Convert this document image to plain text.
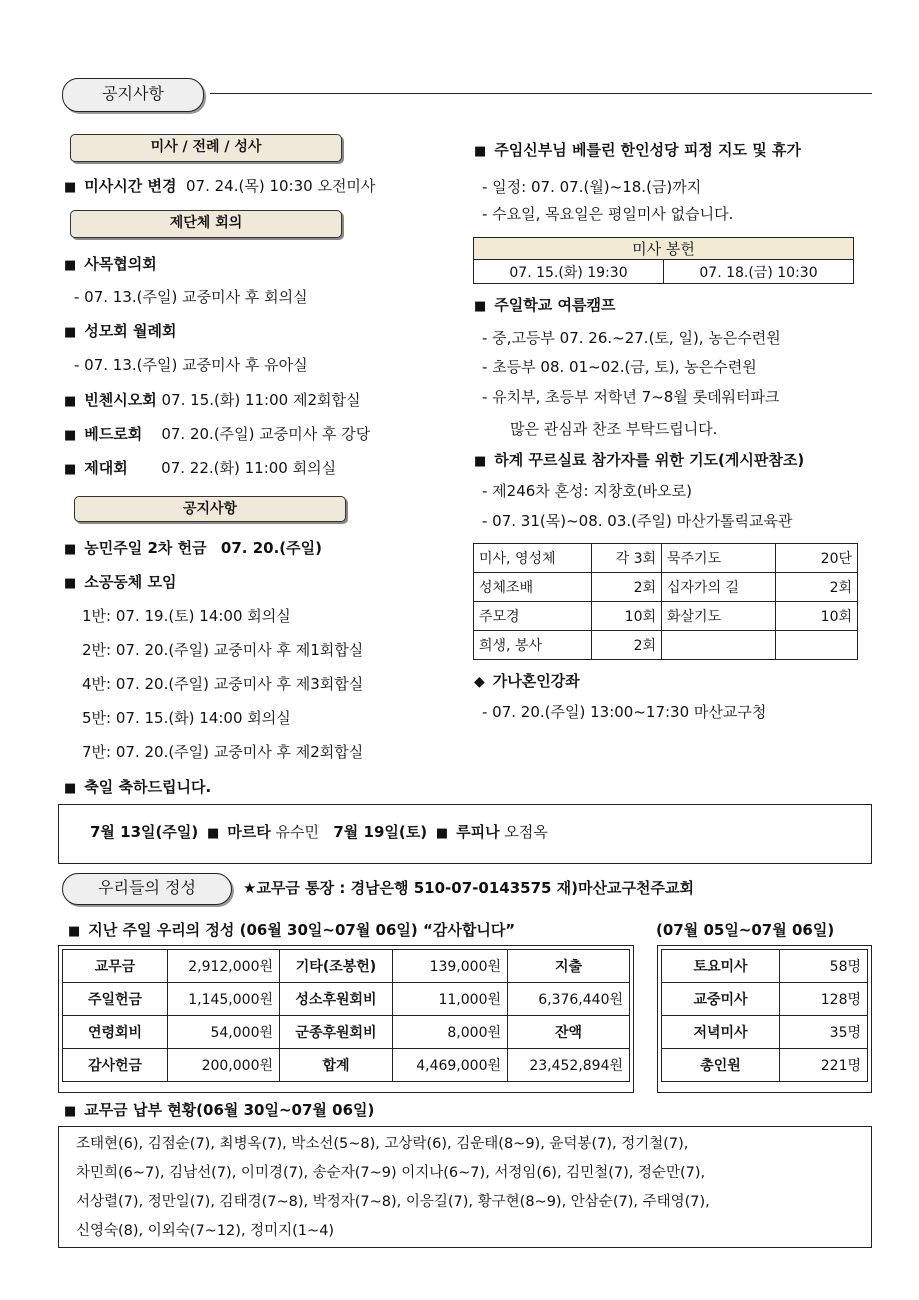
공지사항
미사 / 전례 / 성사
■ 미사시간 변경 07. 24.(목) 10:30 오전미사
제단체 회의
■ 사목협의회
- 07. 13.(주일) 교중미사 후 회의실
■ 성모회 월례회
- 07. 13.(주일) 교중미사 후 유아실
■ 빈첸시오회 07. 15.(화) 11:00 제2회합실
■ 베드로회 07. 20.(주일) 교중미사 후 강당
■ 제대회 07. 22.(화) 11:00 회의실
공지사항
■ 농민주일 2차 헌금 07. 20.(주일)
■ 소공동체 모임
1반: 07. 19.(토) 14:00 회의실
2반: 07. 20.(주일) 교중미사 후 제1회합실
4반: 07. 20.(주일) 교중미사 후 제3회합실
5반: 07. 15.(화) 14:00 회의실
7반: 07. 20.(주일) 교중미사 후 제2회합실
■ 축일 축하드립니다.
■ 주임신부님 베를린 한인성당 피정 지도 및 휴가
- 일정: 07. 07.(월)~18.(금)까지
- 수요일, 목요일은 평일미사 없습니다.
미사 봉헌
07. 15.(화) 19:30	07. 18.(금) 10:30
■ 주일학교 여름캠프
- 중,고등부 07. 26.~27.(토, 일), 농은수련원
- 초등부 08. 01~02.(금, 토), 농은수련원
- 유치부, 초등부 저학년 7~8월 롯데워터파크
많은 관심과 찬조 부탁드립니다.
■ 하계 꾸르실료 참가자를 위한 기도(게시판참조)
- 제246차 혼성: 지창호(바오로)
- 07. 31(목)~08. 03.(주일) 마산가톨릭교육관
미사, 영성체	각 3회	묵주기도	20단
성체조배	2회	십자가의 길	2회
주모경	10회	화살기도	10회
희생, 봉사	2회		
◆ 가나혼인강좌
- 07. 20.(주일) 13:00~17:30 마산교구청
7월 13일(주일) ■ 마르타 유수민 7월 19일(토) ■ 루피나 오점옥
우리들의 정성	★교무금 통장 : 경남은행 510-07-0143575 재)마산교구천주교회
■ 지난 주일 우리의 정성 (06월 30일~07월 06일) “감사합니다”	(07월 05일~07월 06일)
교무금	2,912,000원	기타(조봉헌)	139,000원	지출
주일헌금	1,145,000원	성소후원회비	11,000원	6,376,440원
연령회비	54,000원	군종후원회비	8,000원	잔액
감사헌금	200,000원	합계	4,469,000원	23,452,894원
토요미사	58명
교중미사	128명
저녁미사	35명
총인원	221명
■ 교무금 납부 현황(06월 30일~07월 06일)
조태현(6), 김점순(7), 최병옥(7), 박소선(5~8), 고상락(6), 김운태(8~9), 윤덕봉(7), 정기철(7),
차민희(6~7), 김남선(7), 이미경(7), 송순자(7~9) 이지나(6~7), 서정임(6), 김민철(7), 정순만(7),
서상렬(7), 정만일(7), 김태경(7~8), 박정자(7~8), 이응길(7), 황구현(8~9), 안삼순(7), 주태영(7),
신영숙(8), 이외숙(7~12), 정미지(1~4)
